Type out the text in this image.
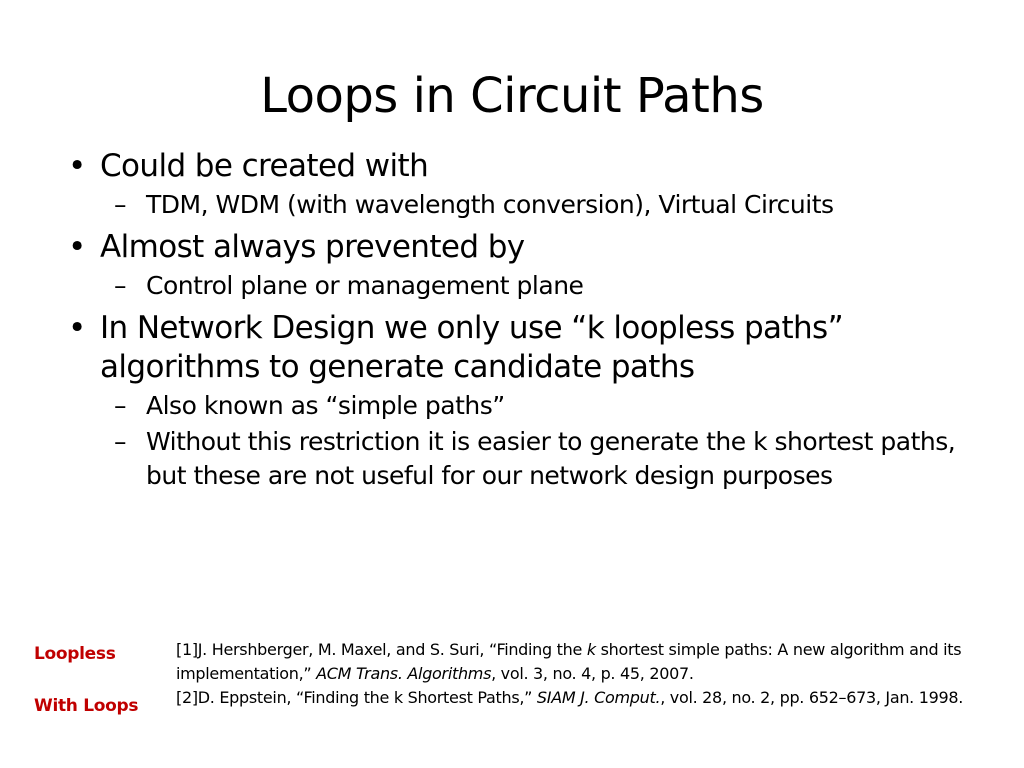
Loops in Circuit Paths
• Could be created with
– TDM, WDM (with wavelength conversion), Virtual Circuits
• Almost always prevented by
– Control plane or management plane
• In Network Design we only use “k loopless paths” algorithms to generate candidate paths
– Also known as “simple paths”
– Without this restriction it is easier to generate the k shortest paths, but these are not useful for our network design purposes
Loopless
With Loops

[1]J. Hershberger, M. Maxel, and S. Suri, “Finding the k shortest simple paths: A new algorithm and its implementation,” ACM Trans. Algorithms, vol. 3, no. 4, p. 45, 2007.

[2]D. Eppstein, “Finding the k Shortest Paths,” SIAM J. Comput., vol. 28, no. 2, pp. 652–673, Jan. 1998.
